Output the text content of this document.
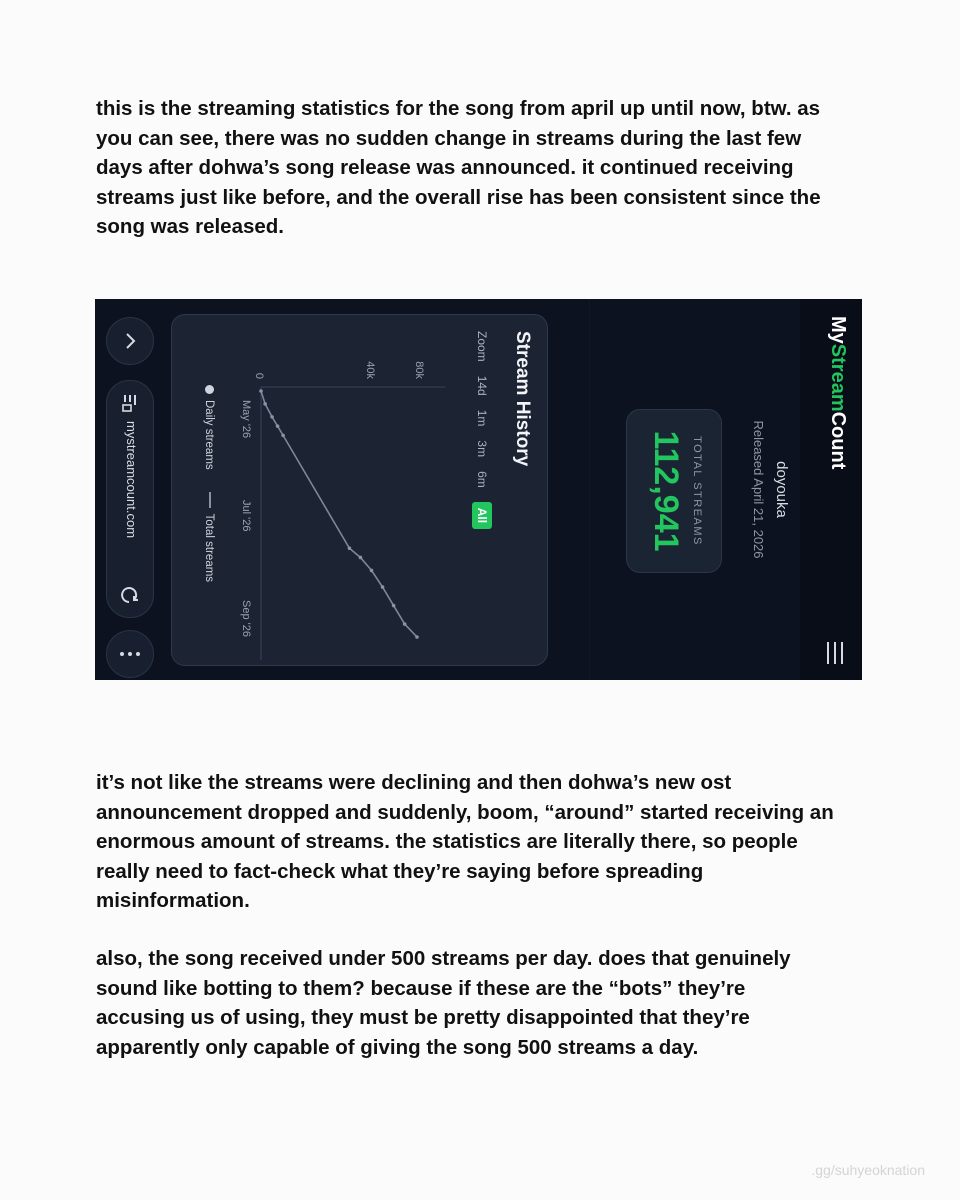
this is the streaming statistics for the song from april up until now, btw. as you can see, there was no sudden change in streams during the last few days after dohwa’s song release was announced. it continued receiving streams just like before, and the overall rise has been consistent since the song was released.

MyStreamCount
doyouka
Released April 21, 2026
TOTAL STREAMS
112,941
Stream History
Zoom
14d
1m
3m
6m
All
80k
40k
0
May '26
Jul '26
Sep '26
Daily streams
Total streams
mystreamcount.com

it’s not like the streams were declining and then dohwa’s new ost announcement dropped and suddenly, boom, “around” started receiving an enormous amount of streams. the statistics are literally there, so people really need to fact-check what they’re saying before spreading misinformation.

also, the song received under 500 streams per day. does that genuinely sound like botting to them? because if these are the “bots” they’re accusing us of using, they must be pretty disappointed that they’re apparently only capable of giving the song 500 streams a day.

.gg/suhyeoknation
